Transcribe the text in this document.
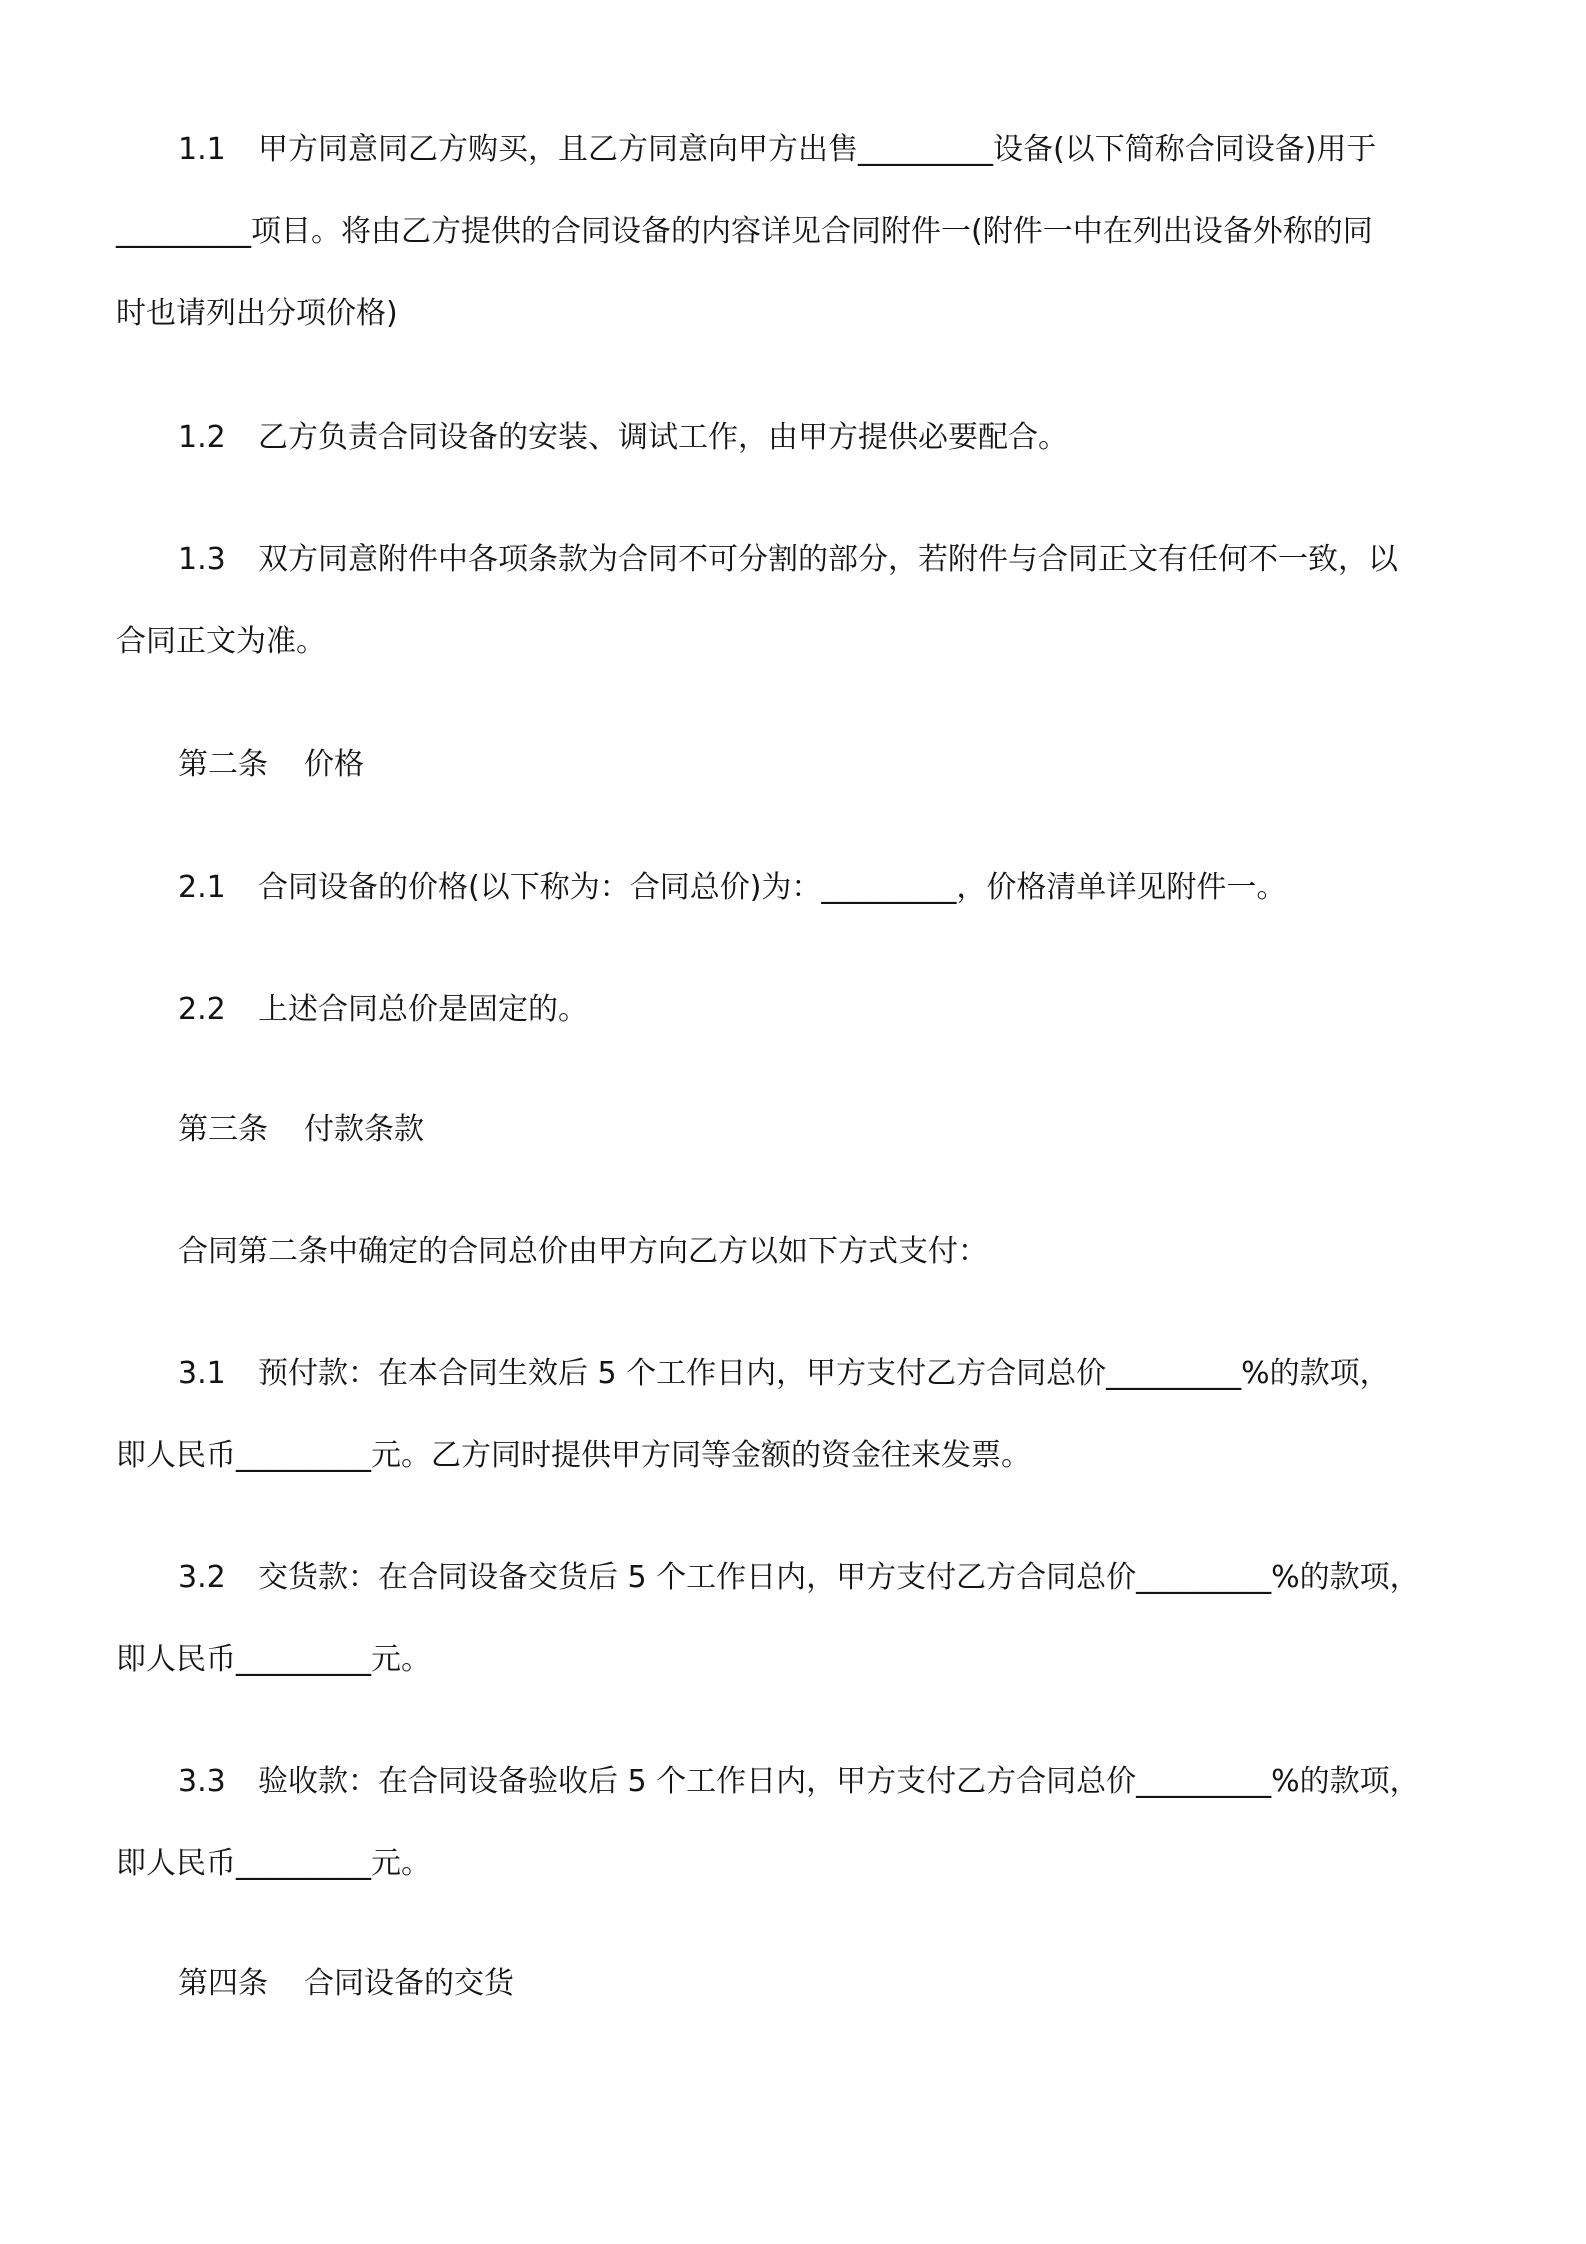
1.1 甲方同意同乙方购买，且乙方同意向甲方出售_________设备(以下简称合同设备)用于
_________项目。将由乙方提供的合同设备的内容详见合同附件一(附件一中在列出设备外称的同
时也请列出分项价格)
1.2 乙方负责合同设备的安装、调试工作，由甲方提供必要配合。
1.3 双方同意附件中各项条款为合同不可分割的部分，若附件与合同正文有任何不一致，以
合同正文为准。
第二条 价格
2.1 合同设备的价格(以下称为：合同总价)为：_________，价格清单详见附件一。
2.2 上述合同总价是固定的。
第三条 付款条款
合同第二条中确定的合同总价由甲方向乙方以如下方式支付：
3.1 预付款：在本合同生效后 5 个工作日内，甲方支付乙方合同总价_________%的款项，
即人民币_________元。乙方同时提供甲方同等金额的资金往来发票。
3.2 交货款：在合同设备交货后 5 个工作日内，甲方支付乙方合同总价_________%的款项，
即人民币_________元。
3.3 验收款：在合同设备验收后 5 个工作日内，甲方支付乙方合同总价_________%的款项，
即人民币_________元。
第四条 合同设备的交货
